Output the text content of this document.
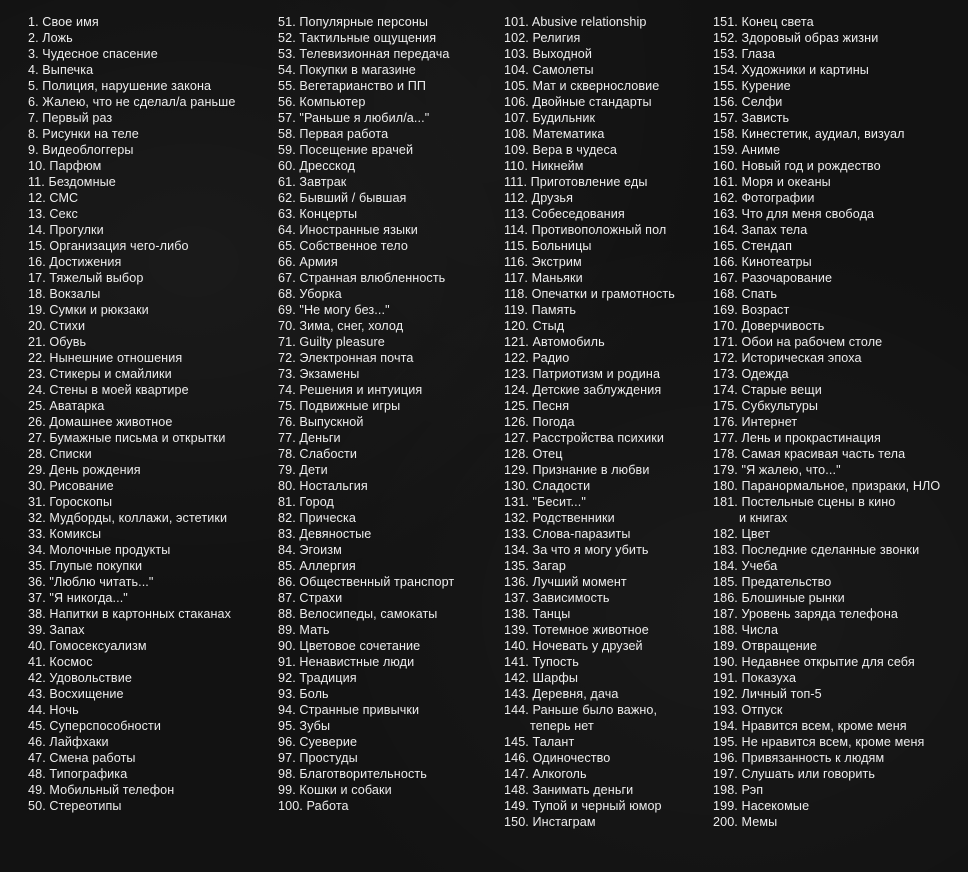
1. Свое имя
2. Ложь
3. Чудесное спасение
4. Выпечка
5. Полиция, нарушение закона
6. Жалею, что не сделал/а раньше
7. Первый раз
8. Рисунки на теле
9. Видеоблоггеры
10. Парфюм
11. Бездомные
12. СМС
13. Секс
14. Прогулки
15. Организация чего-либо
16. Достижения
17. Тяжелый выбор
18. Вокзалы
19. Сумки и рюкзаки
20. Стихи
21. Обувь
22. Нынешние отношения
23. Стикеры и смайлики
24. Стены в моей квартире
25. Аватарка
26. Домашнее животное
27. Бумажные письма и открытки
28. Списки
29. День рождения
30. Рисование
31. Гороскопы
32. Мудборды, коллажи, эстетики
33. Комиксы
34. Молочные продукты
35. Глупые покупки
36. "Люблю читать..."
37. "Я никогда..."
38. Напитки в картонных стаканах
39. Запах
40. Гомосексуализм
41. Космос
42. Удовольствие
43. Восхищение
44. Ночь
45. Суперспособности
46. Лайфхаки
47. Смена работы
48. Типографика
49. Мобильный телефон
50. Стереотипы
51. Популярные персоны
52. Тактильные ощущения
53. Телевизионная передача
54. Покупки в магазине
55. Вегетарианство и ПП
56. Компьютер
57. "Раньше я любил/а..."
58. Первая работа
59. Посещение врачей
60. Дресскод
61. Завтрак
62. Бывший / бывшая
63. Концерты
64. Иностранные языки
65. Собственное тело
66. Армия
67. Странная влюбленность
68. Уборка
69. "Не могу без..."
70. Зима, снег, холод
71. Guilty pleasure
72. Электронная почта
73. Экзамены
74. Решения и интуиция
75. Подвижные игры
76. Выпускной
77. Деньги
78. Слабости
79. Дети
80. Ностальгия
81. Город
82. Прическа
83. Девяностые
84. Эгоизм
85. Аллергия
86. Общественный транспорт
87. Страхи
88. Велосипеды, самокаты
89. Мать
90. Цветовое сочетание
91. Ненавистные люди
92. Традиция
93. Боль
94. Странные привычки
95. Зубы
96. Суеверие
97. Простуды
98. Благотворительность
99. Кошки и собаки
100. Работа
101. Abusive relationship
102. Религия
103. Выходной
104. Самолеты
105. Мат и сквернословие
106. Двойные стандарты
107. Будильник
108. Математика
109. Вера в чудеса
110. Никнейм
111. Приготовление еды
112. Друзья
113. Собеседования
114. Противоположный пол
115. Больницы
116. Экстрим
117. Маньяки
118. Опечатки и грамотность
119. Память
120. Стыд
121. Автомобиль
122. Радио
123. Патриотизм и родина
124. Детские заблуждения
125. Песня
126. Погода
127. Расстройства психики
128. Отец
129. Признание в любви
130. Сладости
131. "Бесит..."
132. Родственники
133. Слова-паразиты
134. За что я могу убить
135. Загар
136. Лучший момент
137. Зависимость
138. Танцы
139. Тотемное животное
140. Ночевать у друзей
141. Тупость
142. Шарфы
143. Деревня, дача
144. Раньше было важно,
теперь нет
145. Талант
146. Одиночество
147. Алкоголь
148. Занимать деньги
149. Тупой и черный юмор
150. Инстаграм
151. Конец света
152. Здоровый образ жизни
153. Глаза
154. Художники и картины
155. Курение
156. Селфи
157. Зависть
158. Кинестетик, аудиал, визуал
159. Аниме
160. Новый год и рождество
161. Моря и океаны
162. Фотографии
163. Что для меня свобода
164. Запах тела
165. Стендап
166. Кинотеатры
167. Разочарование
168. Спать
169. Возраст
170. Доверчивость
171. Обои на рабочем столе
172. Историческая эпоха
173. Одежда
174. Старые вещи
175. Субкультуры
176. Интернет
177. Лень и прокрастинация
178. Самая красивая часть тела
179. "Я жалею, что..."
180. Паранормальное, призраки, НЛО
181. Постельные сцены в кино
и книгах
182. Цвет
183. Последние сделанные звонки
184. Учеба
185. Предательство
186. Блошиные рынки
187. Уровень заряда телефона
188. Числа
189. Отвращение
190. Недавнее открытие для себя
191. Показуха
192. Личный топ-5
193. Отпуск
194. Нравится всем, кроме меня
195. Не нравится всем, кроме меня
196. Привязанность к людям
197. Слушать или говорить
198. Рэп
199. Насекомые
200. Мемы
